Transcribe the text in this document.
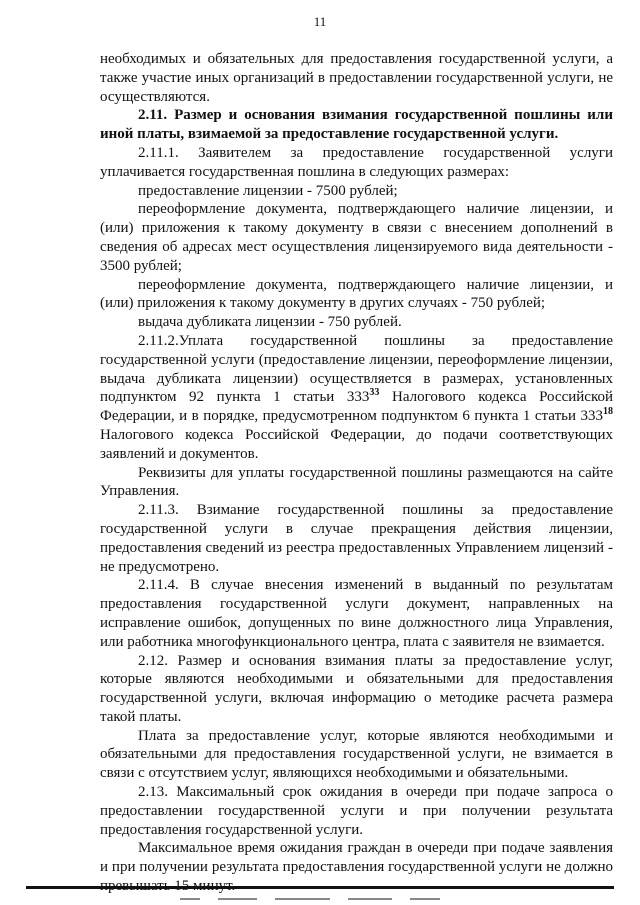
11

необходимых и обязательных для предоставления государственной услуги, а также участие иных организаций в предоставлении государственной услуги, не осуществляются.

2.11. Размер и основания взимания государственной пошлины или иной платы, взимаемой за предоставление государственной услуги.

2.11.1. Заявителем за предоставление государственной услуги уплачивается государственная пошлина в следующих размерах:

предоставление лицензии - 7500 рублей;

переоформление документа, подтверждающего наличие лицензии, и (или) приложения к такому документу в связи с внесением дополнений в сведения об адресах мест осуществления лицензируемого вида деятельности - 3500 рублей;

переоформление документа, подтверждающего наличие лицензии, и (или) приложения к такому документу в других случаях - 750 рублей;

выдача дубликата лицензии - 750 рублей.

2.11.2.Уплата государственной пошлины за предоставление государственной услуги (предоставление лицензии, переоформление лицензии, выдача дубликата лицензии) осуществляется в размерах, установленных подпунктом 92 пункта 1 статьи $333^{33}$ Налогового кодекса Российской Федерации, и в порядке, предусмотренном подпунктом 6 пункта 1 статьи $333^{18}$ Налогового кодекса Российской Федерации, до подачи соответствующих заявлений и документов.

Реквизиты для уплаты государственной пошлины размещаются на сайте Управления.

2.11.3. Взимание государственной пошлины за предоставление государственной услуги в случае прекращения действия лицензии, предоставления сведений из реестра предоставленных Управлением лицензий - не предусмотрено.

2.11.4. В случае внесения изменений в выданный по результатам предоставления государственной услуги документ, направленных на исправление ошибок, допущенных по вине должностного лица Управления, или работника многофункционального центра, плата с заявителя не взимается.

2.12. Размер и основания взимания платы за предоставление услуг, которые являются необходимыми и обязательными для предоставления государственной услуги, включая информацию о методике расчета размера такой платы.

Плата за предоставление услуг, которые являются необходимыми и обязательными для предоставления государственной услуги, не взимается в связи с отсутствием услуг, являющихся необходимыми и обязательными.

2.13. Максимальный срок ожидания в очереди при подаче запроса о предоставлении государственной услуги и при получении результата предоставления государственной услуги.

Максимальное время ожидания граждан в очереди при подаче заявления и при получении результата предоставления государственной услуги не должно
